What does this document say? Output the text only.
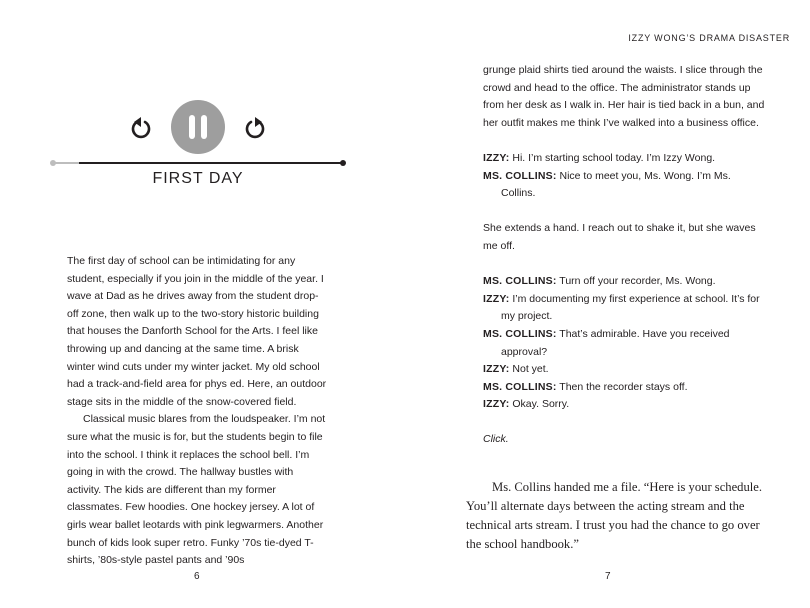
FIRST DAY

The first day of school can be intimidating for any student, especially if you join in the middle of the year. I wave at Dad as he drives away from the student drop-off zone, then walk up to the two-story historic building that houses the Danforth School for the Arts. I feel like throwing up and dancing at the same time. A brisk winter wind cuts under my winter jacket. My old school had a track-and-field area for phys ed. Here, an outdoor stage sits in the middle of the snow-covered field.

Classical music blares from the loudspeaker. I’m not sure what the music is for, but the students begin to file into the school. I think it replaces the school bell. I’m going in with the crowd. The hallway bustles with activity. The kids are different than my former classmates. Few hoodies. One hockey jersey. A lot of girls wear ballet leotards with pink legwarmers. Another bunch of kids look super retro. Funky ’70s tie-dyed T-shirts, ’80s-style pastel pants and ’90s

6
IZZY WONG’S DRAMA DISASTER

grunge plaid shirts tied around the waists. I slice through the crowd and head to the office. The administrator stands up from her desk as I walk in. Her hair is tied back in a bun, and her outfit makes me think I’ve walked into a business office.

IZZY: Hi. I’m starting school today. I’m Izzy Wong.

MS. COLLINS: Nice to meet you, Ms. Wong. I’m Ms. Collins.

She extends a hand. I reach out to shake it, but she waves me off.

MS. COLLINS: Turn off your recorder, Ms. Wong.

IZZY: I’m documenting my first experience at school. It’s for my project.

MS. COLLINS: That’s admirable. Have you received approval?

IZZY: Not yet.

MS. COLLINS: Then the recorder stays off.

IZZY: Okay. Sorry.

Click.

Ms. Collins handed me a file. “Here is your schedule. You’ll alternate days between the acting stream and the technical arts stream. I trust you had the chance to go over the school handbook.”

7
